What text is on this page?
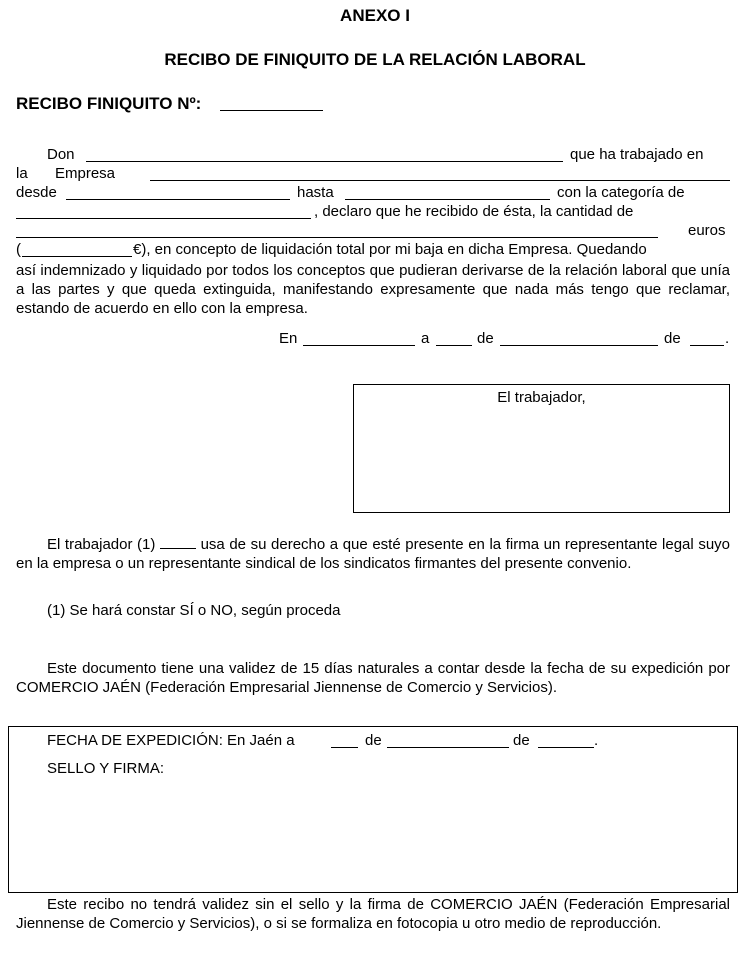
ANEXO I
RECIBO DE FINIQUITO DE LA RELACIÓN LABORAL
RECIBO FINIQUITO Nº:
Don	que ha trabajado en
la Empresa
desde	hasta	con la categoría de
, declaro que he recibido de ésta, la cantidad de
euros
(	€), en concepto de liquidación total por mi baja en dicha Empresa. Quedando
así indemnizado y liquidado por todos los conceptos que pudieran derivarse de la relación laboral que unía a las partes y que queda extinguida, manifestando expresamente que nada más tengo que reclamar, estando de acuerdo en ello con la empresa.
En	a	de	de	.
El trabajador,
El trabajador (1)	usa de su derecho a que esté presente en la firma un representante legal suyo en la empresa o un representante sindical de los sindicatos firmantes del presente convenio.
(1) Se hará constar SÍ o NO, según proceda
Este documento tiene una validez de 15 días naturales a contar desde la fecha de su expedición por COMERCIO JAÉN (Federación Empresarial Jiennense de Comercio y Servicios).
FECHA DE EXPEDICIÓN: En Jaén a	de	de	.
SELLO Y FIRMA:
Este recibo no tendrá validez sin el sello y la firma de COMERCIO JAÉN (Federación Empresarial Jiennense de Comercio y Servicios), o si se formaliza en fotocopia u otro medio de reproducción.
